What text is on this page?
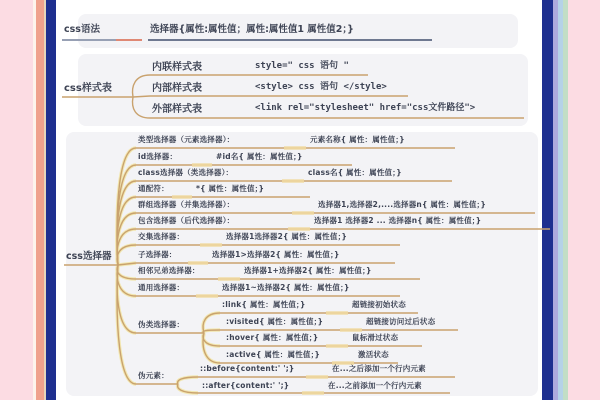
css语法	选择器{属性:属性值；属性:属性值1 属性值2；}
css样式表
内联样式表	style=" css 语句 "
内部样式表	<style> css 语句 </style>
外部样式表	<link rel="stylesheet" href="css文件路径">
css选择器
类型选择器（元素选择器）：	元素名称{ 属性：属性值；}
id选择器：	#id名{ 属性：属性值；}
class选择器（类选择器）：	class名{ 属性：属性值；}
通配符：	*{ 属性：属性值；}
群组选择器（并集选择器）：	选择器1,选择器2,....选择器n{ 属性：属性值；}
包含选择器（后代选择器）：	选择器1 选择器2 ... 选择器n{ 属性：属性值；}
交集选择器：	选择器1选择器2{ 属性：属性值；}
子选择器：	选择器1>选择器2{ 属性：属性值；}
相邻兄弟选择器：	选择器1+选择器2{ 属性：属性值；}
通用选择器：	选择器1~选择器2{ 属性：属性值；}
伪类选择器：
:link{ 属性：属性值；}	超链接初始状态
:visited{ 属性：属性值；}	超链接访问过后状态
:hover{ 属性：属性值；}	鼠标滑过状态
:active{ 属性：属性值；}	激活状态
伪元素：
::before{content:' ';}	在...之后添加一个行内元素
::after{content:' ';}	在...之前添加一个行内元素
